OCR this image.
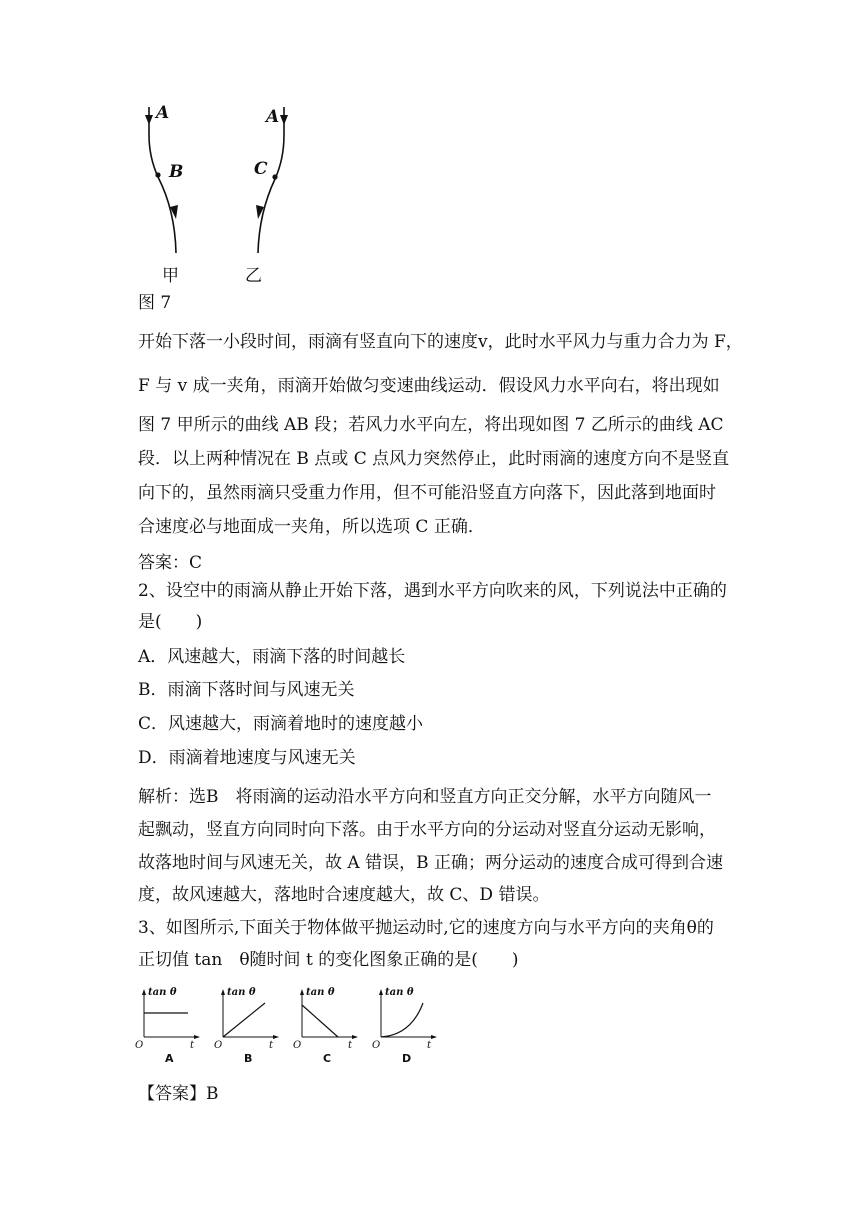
A
B
甲
A
C
乙
图 7
开始下落一小段时间，雨滴有竖直向下的速度v，此时水平风力与重力合力为 F，
F 与 v 成一夹角，雨滴开始做匀变速曲线运动．假设风力水平向右，将出现如
图 7 甲所示的曲线 AB 段；若风力水平向左，将出现如图 7 乙所示的曲线 AC
段．以上两种情况在 B 点或 C 点风力突然停止，此时雨滴的速度方向不是竖直
向下的，虽然雨滴只受重力作用，但不可能沿竖直方向落下，因此落到地面时
合速度必与地面成一夹角，所以选项 C 正确．
答案：C
2、设空中的雨滴从静止开始下落，遇到水平方向吹来的风，下列说法中正确的
是(　　)
A．风速越大，雨滴下落的时间越长
B．雨滴下落时间与风速无关
C．风速越大，雨滴着地时的速度越小
D．雨滴着地速度与风速无关
解析：选B　将雨滴的运动沿水平方向和竖直方向正交分解，水平方向随风一
起飘动，竖直方向同时向下落。由于水平方向的分运动对竖直分运动无影响，
故落地时间与风速无关，故 A 错误，B 正确；两分运动的速度合成可得到合速
度，故风速越大，落地时合速度越大，故 C、D 错误。
3、如图所示,下面关于物体做平抛运动时,它的速度方向与水平方向的夹角θ的
正切值 tan　θ随时间 t 的变化图象正确的是(　　)
tan θ
O	t
A
tan θ
O	t
B
tan θ
O	t
C
tan θ
O	t
D
【答案】B
